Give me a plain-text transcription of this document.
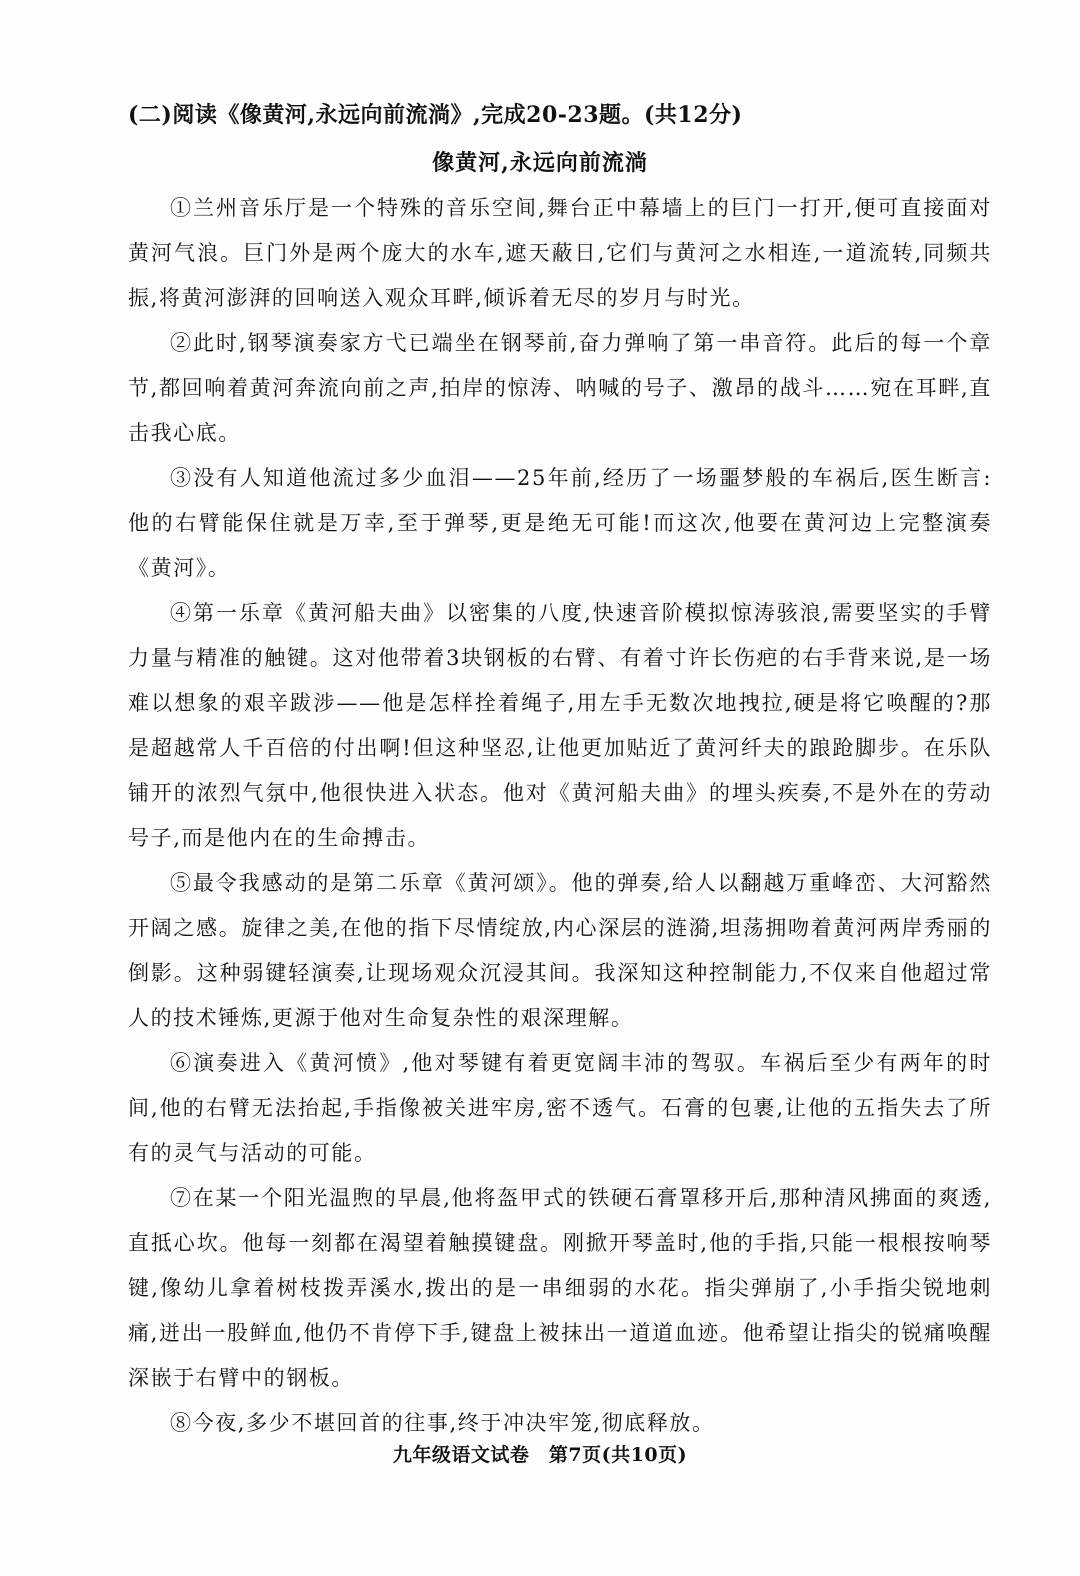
(二)阅读《像黄河,永远向前流淌》,完成20-23题。(共12分)
像黄河,永远向前流淌

①兰州音乐厅是一个特殊的音乐空间,舞台正中幕墙上的巨门一打开,便可直接面对黄河气浪。巨门外是两个庞大的水车,遮天蔽日,它们与黄河之水相连,一道流转,同频共振,将黄河澎湃的回响送入观众耳畔,倾诉着无尽的岁月与时光。

②此时,钢琴演奏家方弋已端坐在钢琴前,奋力弹响了第一串音符。此后的每一个章节,都回响着黄河奔流向前之声,拍岸的惊涛、呐喊的号子、激昂的战斗……宛在耳畔,直击我心底。

③没有人知道他流过多少血泪——25年前,经历了一场噩梦般的车祸后,医生断言:他的右臂能保住就是万幸,至于弹琴,更是绝无可能!而这次,他要在黄河边上完整演奏《黄河》。

④第一乐章《黄河船夫曲》以密集的八度,快速音阶模拟惊涛骇浪,需要坚实的手臂力量与精准的触键。这对他带着3块钢板的右臂、有着寸许长伤疤的右手背来说,是一场难以想象的艰辛跋涉——他是怎样拴着绳子,用左手无数次地拽拉,硬是将它唤醒的?那是超越常人千百倍的付出啊!但这种坚忍,让他更加贴近了黄河纤夫的踉跄脚步。在乐队铺开的浓烈气氛中,他很快进入状态。他对《黄河船夫曲》的埋头疾奏,不是外在的劳动号子,而是他内在的生命搏击。

⑤最令我感动的是第二乐章《黄河颂》。他的弹奏,给人以翻越万重峰峦、大河豁然开阔之感。旋律之美,在他的指下尽情绽放,内心深层的涟漪,坦荡拥吻着黄河两岸秀丽的倒影。这种弱键轻演奏,让现场观众沉浸其间。我深知这种控制能力,不仅来自他超过常人的技术锤炼,更源于他对生命复杂性的艰深理解。

⑥演奏进入《黄河愤》,他对琴键有着更宽阔丰沛的驾驭。车祸后至少有两年的时间,他的右臂无法抬起,手指像被关进牢房,密不透气。石膏的包裹,让他的五指失去了所有的灵气与活动的可能。

⑦在某一个阳光温煦的早晨,他将盔甲式的铁硬石膏罩移开后,那种清风拂面的爽透,直抵心坎。他每一刻都在渴望着触摸键盘。刚掀开琴盖时,他的手指,只能一根根按响琴键,像幼儿拿着树枝拨弄溪水,拨出的是一串细弱的水花。指尖弹崩了,小手指尖锐地刺痛,迸出一股鲜血,他仍不肯停下手,键盘上被抹出一道道血迹。他希望让指尖的锐痛唤醒深嵌于右臂中的钢板。

⑧今夜,多少不堪回首的往事,终于冲决牢笼,彻底释放。

九年级语文试卷　第7页(共10页)
